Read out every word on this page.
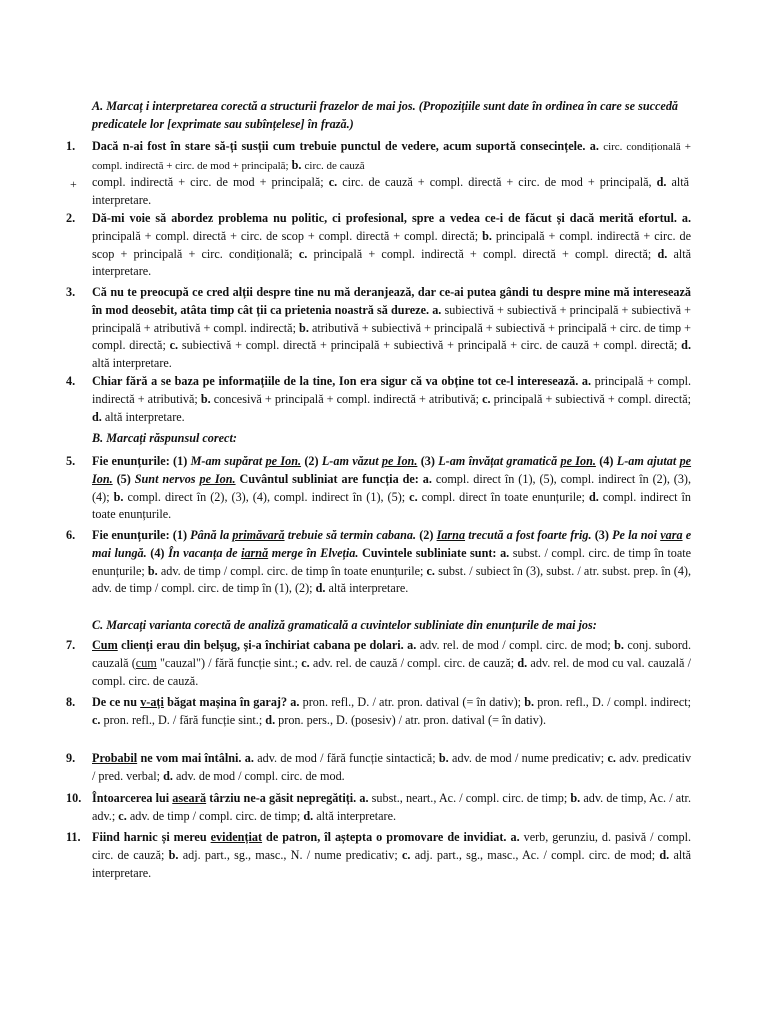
A. Marcaț i interpretarea corectă a structurii frazelor de mai jos. (Propozițiile sunt date în ordinea în care se succedă predicatele lor [exprimate sau subînțelese] în frază.)
1.	Dacă n-ai fost în stare să-ți susții cum trebuie punctul de vedere, acum suportă consecințele. a. circ. condițională + compl. indirectă + circ. de mod + principală; b. circ. de cauză
+ compl. indirectă + circ. de mod + principală; c. circ. de cauză + compl. directă + circ. de mod + principală, d. altă interpretare.
2.	Dă-mi voie să abordez problema nu politic, ci profesional, spre a vedea ce-i de făcut și dacă merită efortul. a. principală + compl. directă + circ. de scop + compl. directă + compl. directă; b. principală + compl. indirectă + circ. de scop + principală + circ. condițională; c. principală + compl. indirectă + compl. directă + compl. directă; d. altă interpretare.
3.	Că nu te preocupă ce cred alții despre tine nu mă deranjează, dar ce-ai putea gândi tu despre mine mă interesează în mod deosebit, atâta timp cât ții ca prietenia noastră să dureze. a. subiectivă + subiectivă + principală + subiectivă + principală + atributivă + compl. indirectă; b. atributivă + subiectivă + principală + subiectivă + principală + circ. de timp + compl. directă; c. subiectivă + compl. directă + principală + subiectivă + principală + circ. de cauză + compl. directă; d. altă interpretare.
4.	Chiar fără a se baza pe informațiile de la tine, Ion era sigur că va obține tot ce-l interesează. a. principală + compl. indirectă + atributivă; b. concesivă + principală + compl. indirectă + atributivă; c. principală + subiectivă + compl. directă; d. altă interpretare.
B. Marcați răspunsul corect:
5.	Fie enunțurile: (1) M-am supărat pe Ion. (2) L-am văzut pe Ion. (3) L-am învățat gramatică pe Ion. (4) L-am ajutat pe Ion. (5) Sunt nervos pe Ion. Cuvântul subliniat are funcția de: a. compl. direct în (1), (5), compl. indirect în (2), (3), (4); b. compl. direct în (2), (3), (4), compl. indirect în (1), (5); c. compl. direct în toate enunțurile; d. compl. indirect în toate enunțurile.
6.	Fie enunțurile: (1) Până la primăvară trebuie să termin cabana. (2) Iarna trecută a fost foarte frig. (3) Pe la noi vara e mai lungă. (4) În vacanța de iarnă merge în Elveția. Cuvintele subliniate sunt: a. subst. / compl. circ. de timp în toate enunțurile; b. adv. de timp / compl. circ. de timp în toate enunțurile; c. subst. / subiect în (3), subst. / atr. subst. prep. în (4), adv. de timp / compl. circ. de timp în (1), (2); d. altă interpretare.
C. Marcați varianta corectă de analiză gramaticală a cuvintelor subliniate din enunțurile de mai jos:
7.	Cum clienți erau din belșug, și-a închiriat cabana pe dolari. a. adv. rel. de mod / compl. circ. de mod; b. conj. subord. cauzală (cum "cauzal") / fără funcție sint.; c. adv. rel. de cauză / compl. circ. de cauză; d. adv. rel. de mod cu val. cauzală / compl. circ. de cauză.
8.	De ce nu v-ați băgat mașina în garaj? a. pron. refl., D. / atr. pron. datival (= în dativ); b. pron. refl., D. / compl. indirect; c. pron. refl., D. / fără funcție sint.; d. pron. pers., D. (posesiv) / atr. pron. datival (= în dativ).
9.	Probabil ne vom mai întâlni. a. adv. de mod / fără funcție sintactică; b. adv. de mod / nume predicativ; c. adv. predicativ / pred. verbal; d. adv. de mod / compl. circ. de mod.
10. Întoarcerea lui aseară târziu ne-a găsit nepregătiți. a. subst., neart., Ac. / compl. circ. de timp; b. adv. de timp, Ac. / atr. adv.; c. adv. de timp / compl. circ. de timp; d. altă interpretare.
11. Fiind harnic și mereu evidențiat de patron, îl aștepta o promovare de invidiat. a. verb, gerunziu, d. pasivă / compl. circ. de cauză; b. adj. part., sg., masc., N. / nume predicativ; c. adj. part., sg., masc., Ac. / compl. circ. de mod; d. altă interpretare.
